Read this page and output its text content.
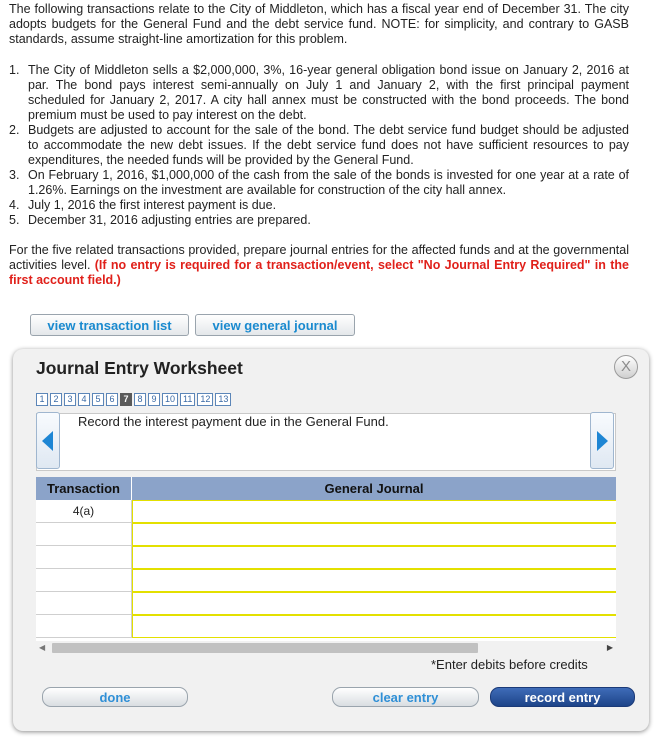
The following transactions relate to the City of Middleton, which has a fiscal year end of December 31. The city adopts budgets for the General Fund and the debt service fund. NOTE: for simplicity, and contrary to GASB standards, assume straight-line amortization for this problem.
1. The City of Middleton sells a $2,000,000, 3%, 16-year general obligation bond issue on January 2, 2016 at par. The bond pays interest semi-annually on July 1 and January 2, with the first principal payment scheduled for January 2, 2017. A city hall annex must be constructed with the bond proceeds. The bond premium must be used to pay interest on the debt.
2. Budgets are adjusted to account for the sale of the bond. The debt service fund budget should be adjusted to accommodate the new debt issues. If the debt service fund does not have sufficient resources to pay expenditures, the needed funds will be provided by the General Fund.
3. On February 1, 2016, $1,000,000 of the cash from the sale of the bonds is invested for one year at a rate of 1.26%. Earnings on the investment are available for construction of the city hall annex.
4. July 1, 2016 the first interest payment is due.
5. December 31, 2016 adjusting entries are prepared.
For the five related transactions provided, prepare journal entries for the affected funds and at the governmental activities level. (If no entry is required for a transaction/event, select "No Journal Entry Required" in the first account field.)
view transaction list	view general journal
Journal Entry Worksheet	X
1 2 3 4 5 6 7 8 9 10 11 12 13
Record the interest payment due in the General Fund.
Transaction	General Journal
4(a)
◀	▶
*Enter debits before credits
done	clear entry	record entry
